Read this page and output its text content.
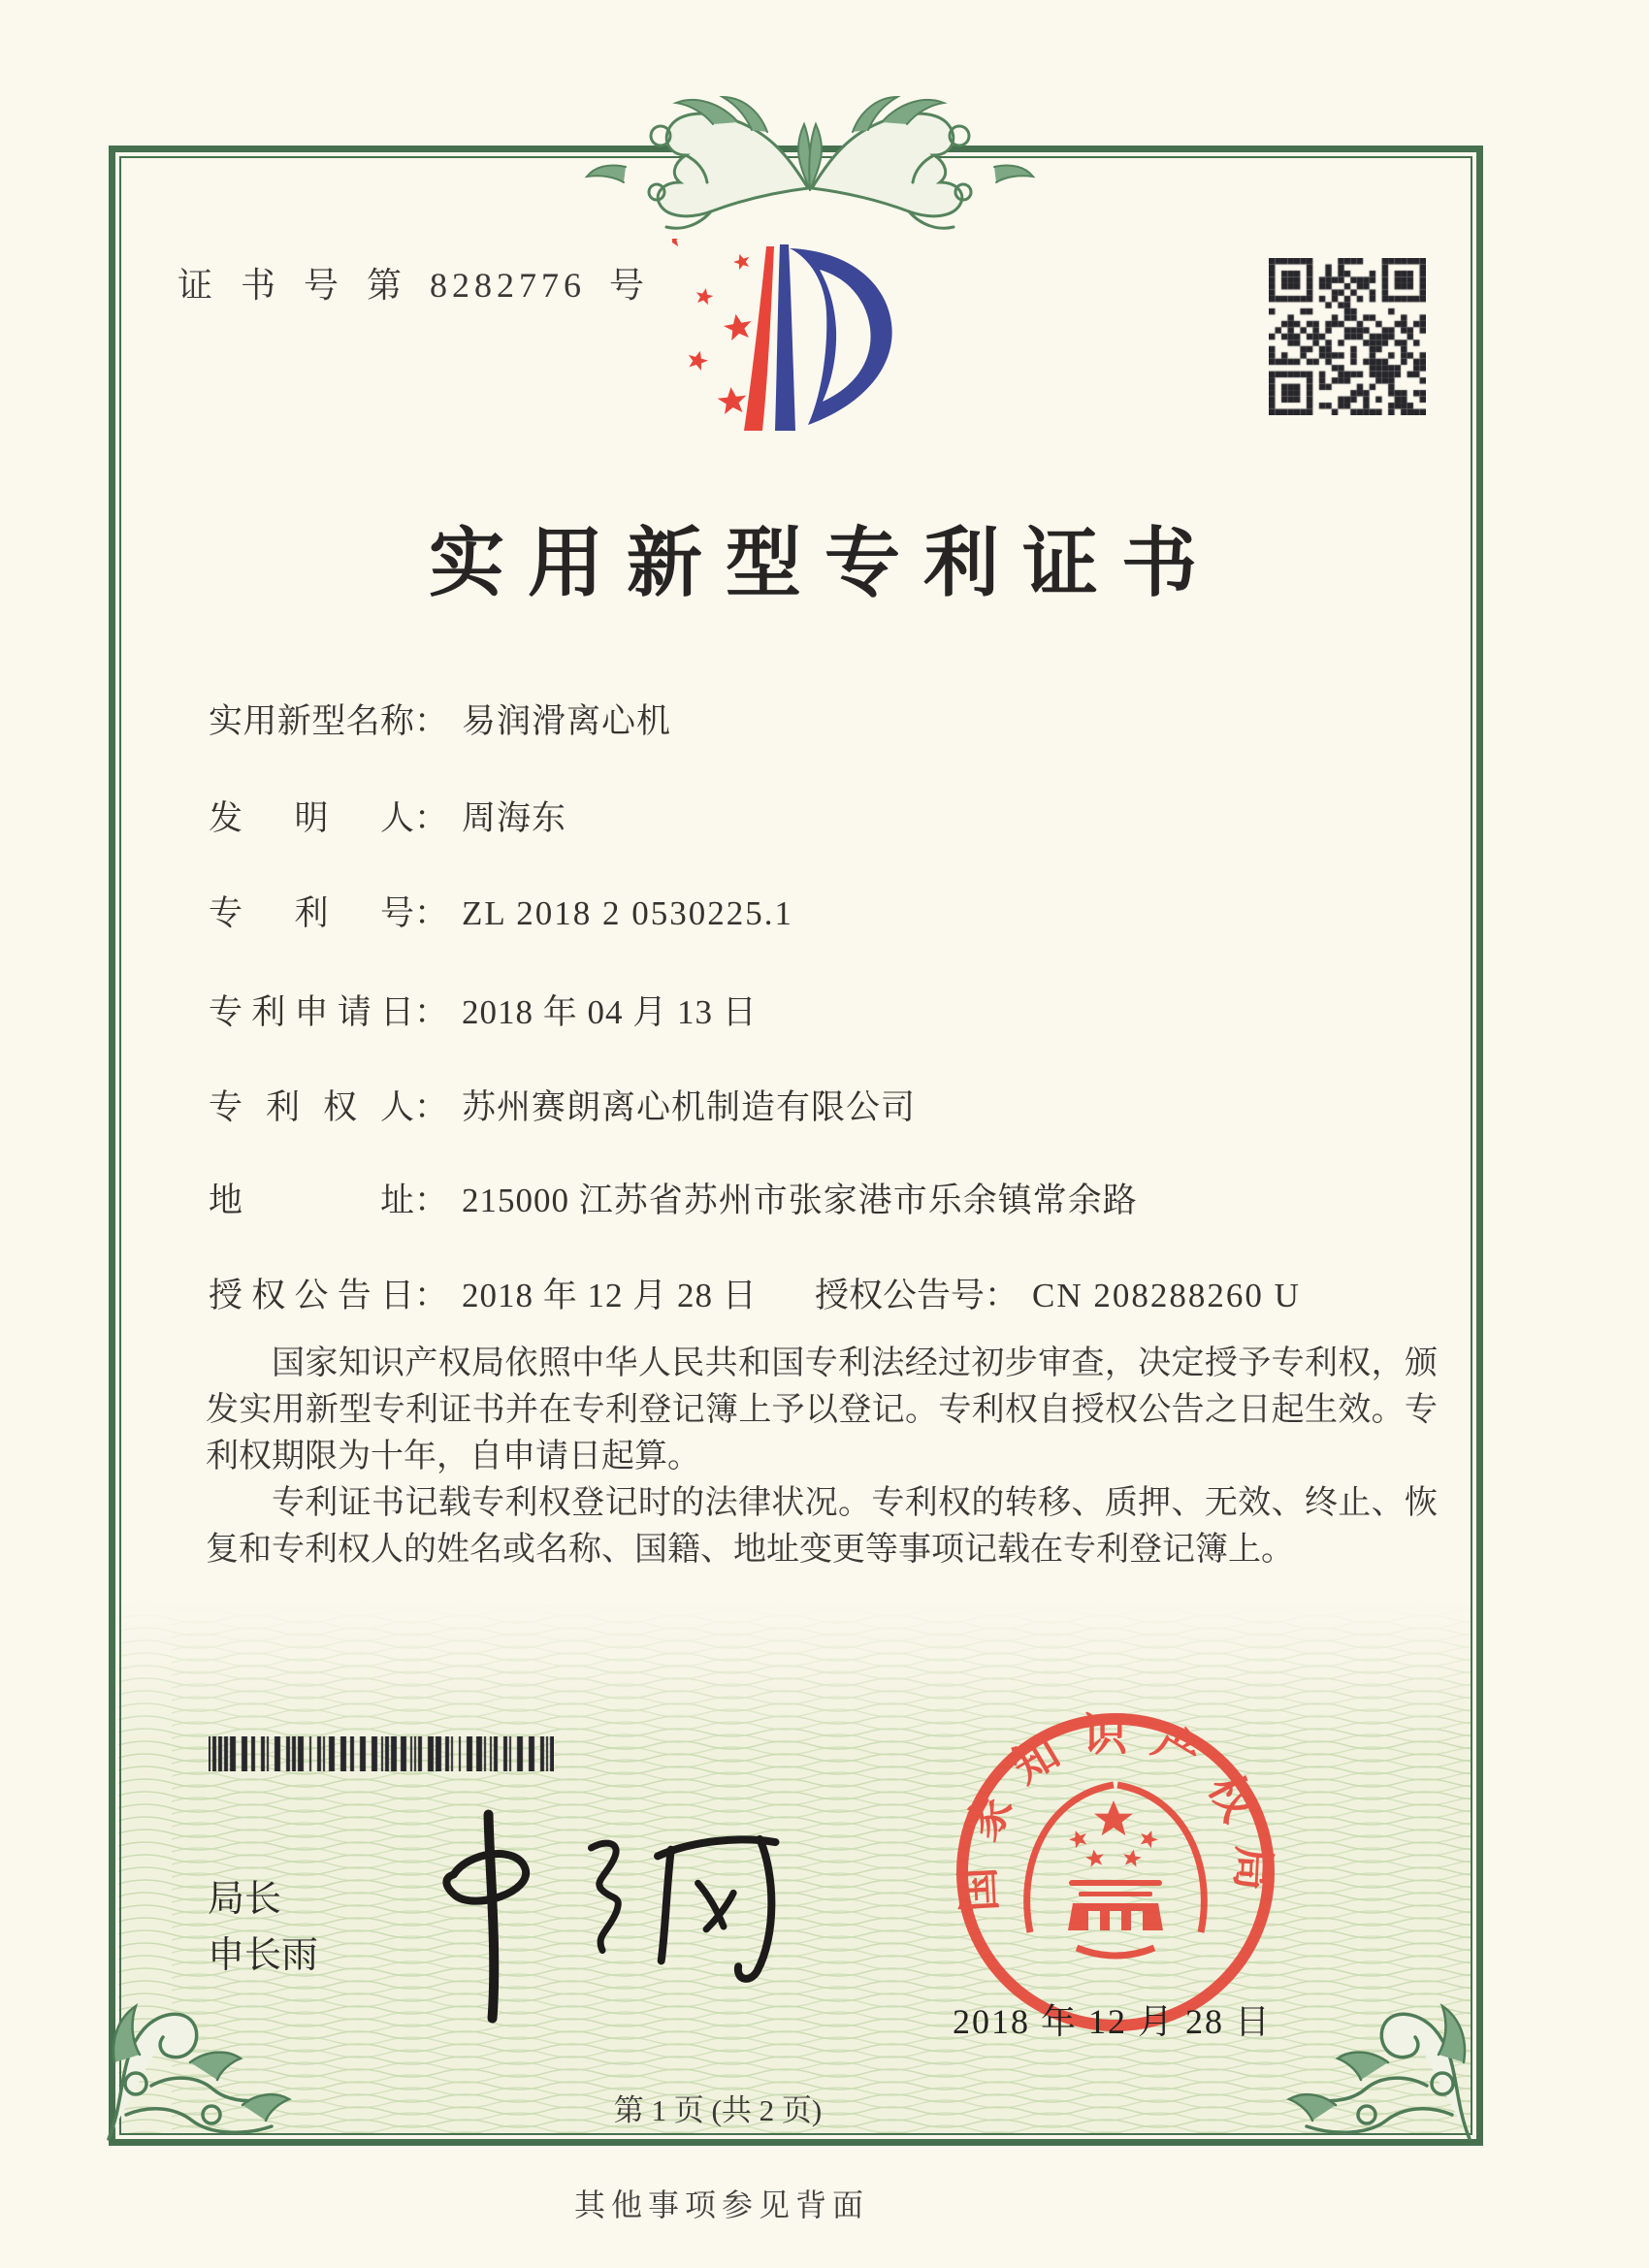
证 书 号 第 8282776 号
实用新型专利证书
实用新型名称： 易润滑离心机
发明人： 周海东
专利号： ZL 2018 2 0530225.1
专利申请日： 2018 年 04 月 13 日
专利权人： 苏州赛朗离心机制造有限公司
地址： 215000 江苏省苏州市张家港市乐余镇常余路
授权公告日： 2018 年 12 月 28 日 授权公告号： CN 208288260 U

国家知识产权局依照中华人民共和国专利法经过初步审查，决定授予专利权，颁发实用新型专利证书并在专利登记簿上予以登记。专利权自授权公告之日起生效。专利权期限为十年，自申请日起算。

专利证书记载专利权登记时的法律状况。专利权的转移、质押、无效、终止、恢复和专利权人的姓名或名称、国籍、地址变更等事项记载在专利登记簿上。

局长
申长雨
国家知识产权局
2018 年 12 月 28 日
第 1 页 (共 2 页)
其他事项参见背面
